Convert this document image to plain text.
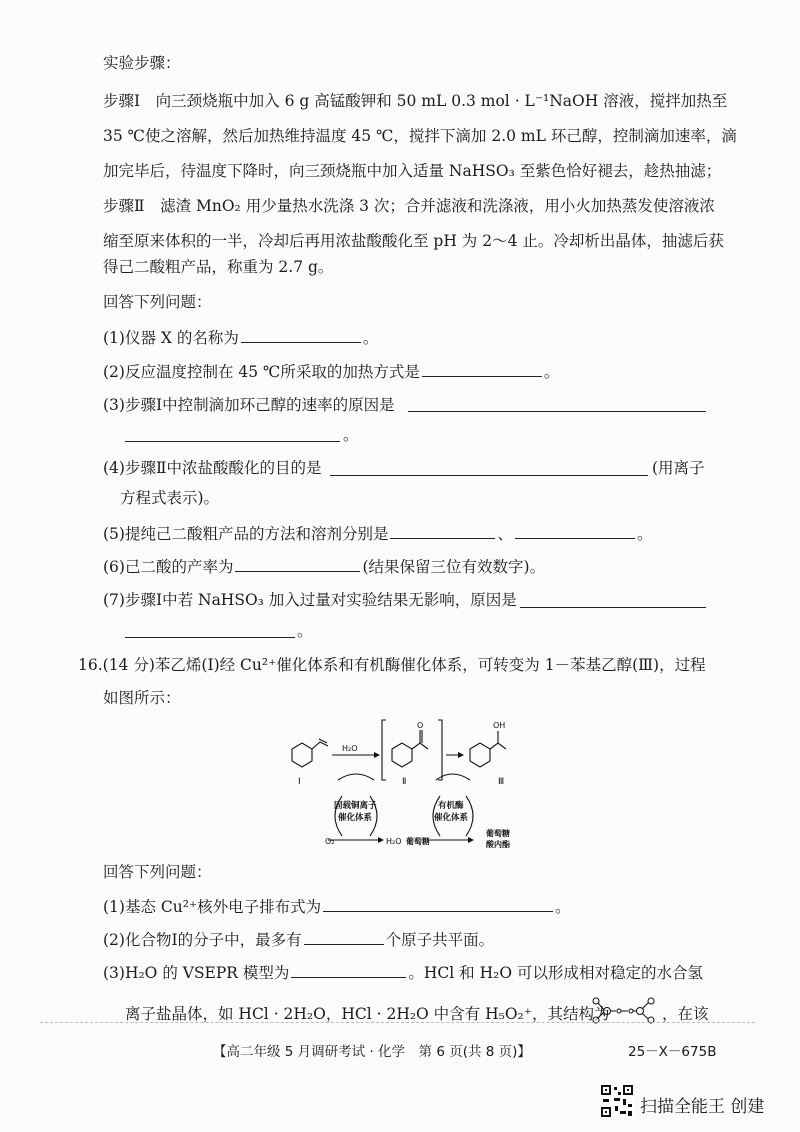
实验步骤：
步骤Ⅰ　 向三颈烧瓶中加入 6 g 高锰酸钾和 50 mL 0.3 mol · L⁻¹NaOH 溶液，搅拌加热至
35 ℃使之溶解，然后加热维持温度 45 ℃，搅拌下滴加 2.0 mL 环己醇，控制滴加速率，滴
加完毕后，待温度下降时，向三颈烧瓶中加入适量 NaHSO₃ 至紫色恰好褪去，趁热抽滤；
步骤Ⅱ　 滤渣 MnO₂ 用少量热水洗涤 3 次；合并滤液和洗涤液，用小火加热蒸发使溶液浓
缩至原来体积的一半，冷却后再用浓盐酸酸化至 pH 为 2～4 止。冷却析出晶体，抽滤后获
得己二酸粗产品，称重为 2.7 g。
回答下列问题：
(1)仪器 X 的名称为	。
(2)反应温度控制在 45 ℃所采取的加热方式是	。
(3)步骤Ⅰ中控制滴加环己醇的速率的原因是
。
(4)步骤Ⅱ中浓盐酸酸化的目的是	(用离子
方程式表示)。
(5)提纯己二酸粗产品的方法和溶剂分别是	、	。
(6)己二酸的产率为	(结果保留三位有效数字)。
(7)步骤Ⅰ中若 NaHSO₃ 加入过量对实验结果无影响，原因是
。
16.(14 分)苯乙烯(Ⅰ)经 Cu²⁺催化体系和有机酶催化体系，可转变为 1－苯基乙醇(Ⅲ)，过程
如图所示：
Ⅰ
H₂O
O
Ⅱ
OH
Ⅲ
固载铜离子
催化体系
O₂	H₂O
有机酶
催化体系
葡萄糖
葡萄糖
酸内酯
回答下列问题：
(1)基态 Cu²⁺核外电子排布式为	。
(2)化合物Ⅰ的分子中，最多有	个原子共平面。
(3)H₂O 的 VSEPR 模型为	。HCl 和 H₂O 可以形成相对稳定的水合氢
离子盐晶体，如 HCl · 2H₂O，HCl · 2H₂O 中含有 H₅O₂⁺，其结构为	，在该
【高二年级 5 月调研考试 · 化学　第 6 页(共 8 页)】	25－X－675B
扫描全能王 创建
